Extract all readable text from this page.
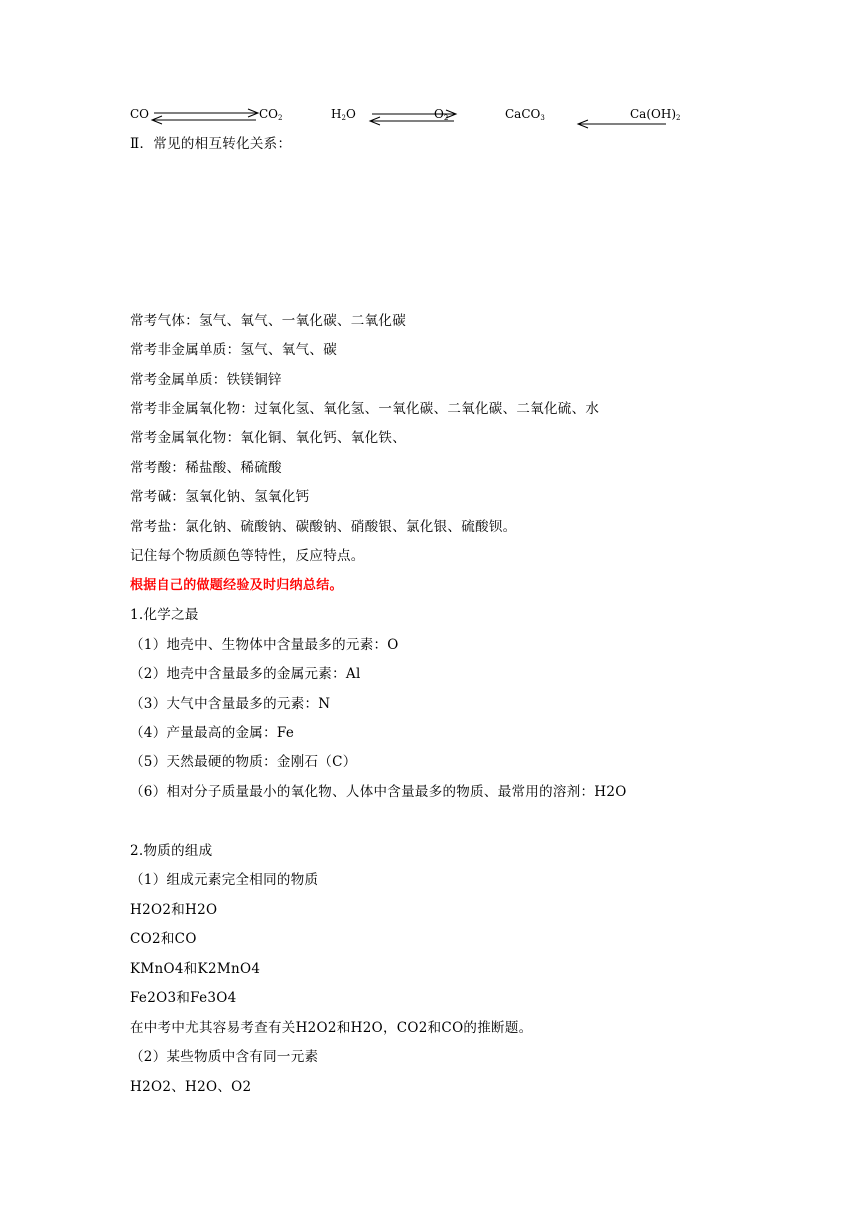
CO	$CO_2$	$H_2O$	$O_2$	CaCO$_3$	$Ca(OH)_2$
Ⅱ．常见的相互转化关系：
常考气体：氢气、氧气、一氧化碳、二氧化碳
常考非金属单质：氢气、氧气、碳
常考金属单质：铁镁铜锌
常考非金属氧化物：过氧化氢、氧化氢、一氧化碳、二氧化碳、二氧化硫、水
常考金属氧化物：氧化铜、氧化钙、氧化铁、
常考酸：稀盐酸、稀硫酸
常考碱：氢氧化钠、氢氧化钙
常考盐：氯化钠、硫酸钠、碳酸钠、硝酸银、氯化银、硫酸钡。
记住每个物质颜色等特性，反应特点。
根据自己的做题经验及时归纳总结。
1.化学之最
（1）地壳中、生物体中含量最多的元素：O
（2）地壳中含量最多的金属元素：Al
（3）大气中含量最多的元素：N
（4）产量最高的金属：Fe
（5）天然最硬的物质：金刚石（C）
（6）相对分子质量最小的氧化物、人体中含量最多的物质、最常用的溶剂：H2O
2.物质的组成
（1）组成元素完全相同的物质
H2O2和H2O
CO2和CO
KMnO4和K2MnO4
Fe2O3和Fe3O4
在中考中尤其容易考查有关H2O2和H2O，CO2和CO的推断题。
（2）某些物质中含有同一元素
H2O2、H2O、O2
